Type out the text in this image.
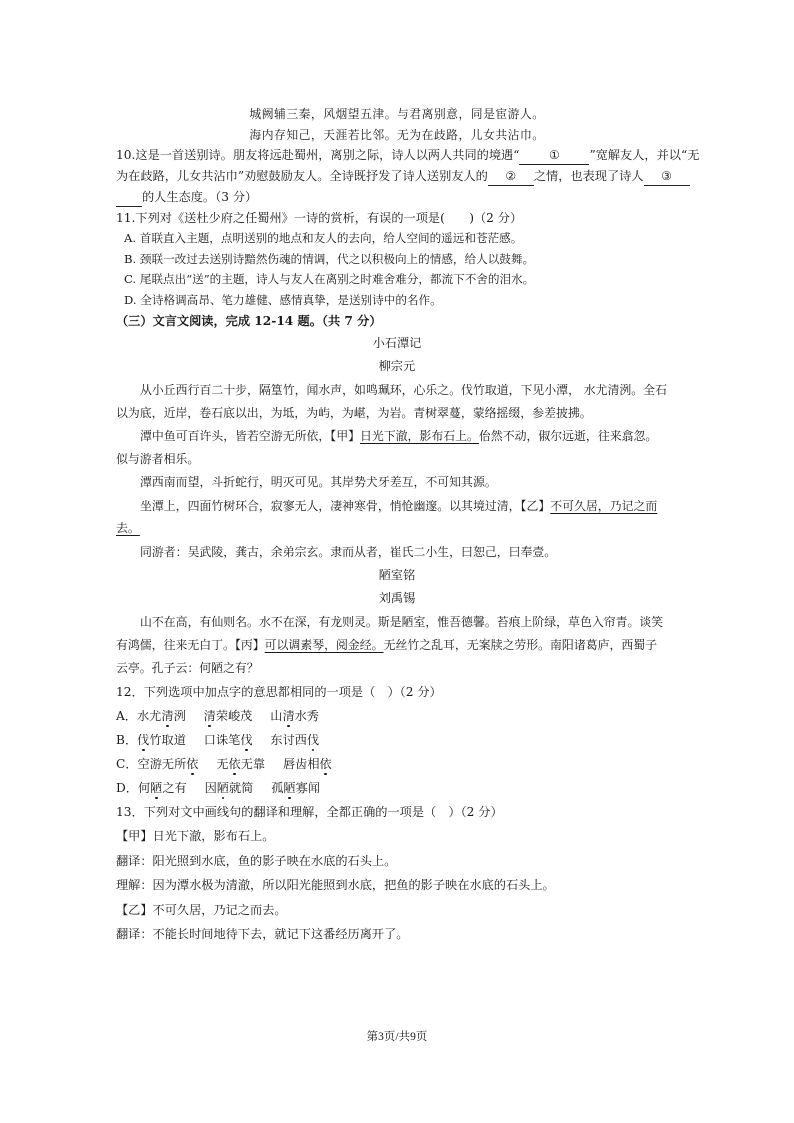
城阙辅三秦，风烟望五津。与君离别意，同是宦游人。
海内存知己，天涯若比邻。无为在歧路，儿女共沾巾。
10.这是一首送别诗。朋友将远赴蜀州，离别之际，诗人以两人共同的境遇“ ① ”宽解友人，并以“无
为在歧路，儿女共沾巾”劝慰鼓励友人。全诗既抒发了诗人送别友人的 ② 之情，也表现了诗人 ③
的人生态度。（3 分）
11.下列对《送杜少府之任蜀州》一诗的赏析，有误的一项是(　　)（2 分）
A. 首联直入主题，点明送别的地点和友人的去向，给人空间的遥远和苍茫感。
B. 颈联一改过去送别诗黯然伤魂的情调，代之以积极向上的情感，给人以鼓舞。
C. 尾联点出“送”的主题，诗人与友人在离别之时难舍难分，都流下不舍的泪水。
D. 全诗格调高昂、笔力雄健、感情真挚，是送别诗中的名作。
（三）文言文阅读，完成 12-14 题。（共 7 分）
小石潭记
柳宗元
从小丘西行百二十步，隔篁竹，闻水声，如鸣珮环，心乐之。伐竹取道，下见小潭， 水尤清洌。全石
以为底，近岸，卷石底以出，为坻，为屿，为嵁，为岩。青树翠蔓，蒙络摇缀，参差披拂。
潭中鱼可百许头，皆若空游无所依，【甲】日光下澈，影布石上。佁然不动，俶尔远逝，往来翕忽。
似与游者相乐。
潭西南而望，斗折蛇行，明灭可见。其岸势犬牙差互，不可知其源。
坐潭上，四面竹树环合，寂寥无人，凄神寒骨，悄怆幽邃。以其境过清，【乙】不可久居，乃记之而
去。
同游者：吴武陵，龚古，余弟宗玄。隶而从者，崔氏二小生，曰恕己，曰奉壹。
陋室铭
刘禹锡
山不在高，有仙则名。水不在深，有龙则灵。斯是陋室，惟吾德馨。苔痕上阶绿，草色入帘青。谈笑
有鸿儒，往来无白丁。【丙】可以调素琴，阅金经。无丝竹之乱耳，无案牍之劳形。南阳诸葛庐，西蜀子
云亭。孔子云：何陋之有？
12．下列选项中加点字的意思都相同的一项是（　）（2 分）
A．水尤清洌 清荣峻茂 山清水秀
B．伐竹取道 口诛笔伐 东讨西伐
C．空游无所依 无依无靠 唇齿相依
D．何陋之有 因陋就简 孤陋寡闻
13．下列对文中画线句的翻译和理解，全都正确的一项是（　）（2 分）
【甲】日光下澈，影布石上。
翻译：阳光照到水底，鱼的影子映在水底的石头上。
理解：因为潭水极为清澈，所以阳光能照到水底，把鱼的影子映在水底的石头上。
【乙】不可久居，乃记之而去。
翻译：不能长时间地待下去，就记下这番经历离开了。
第3页/共9页
